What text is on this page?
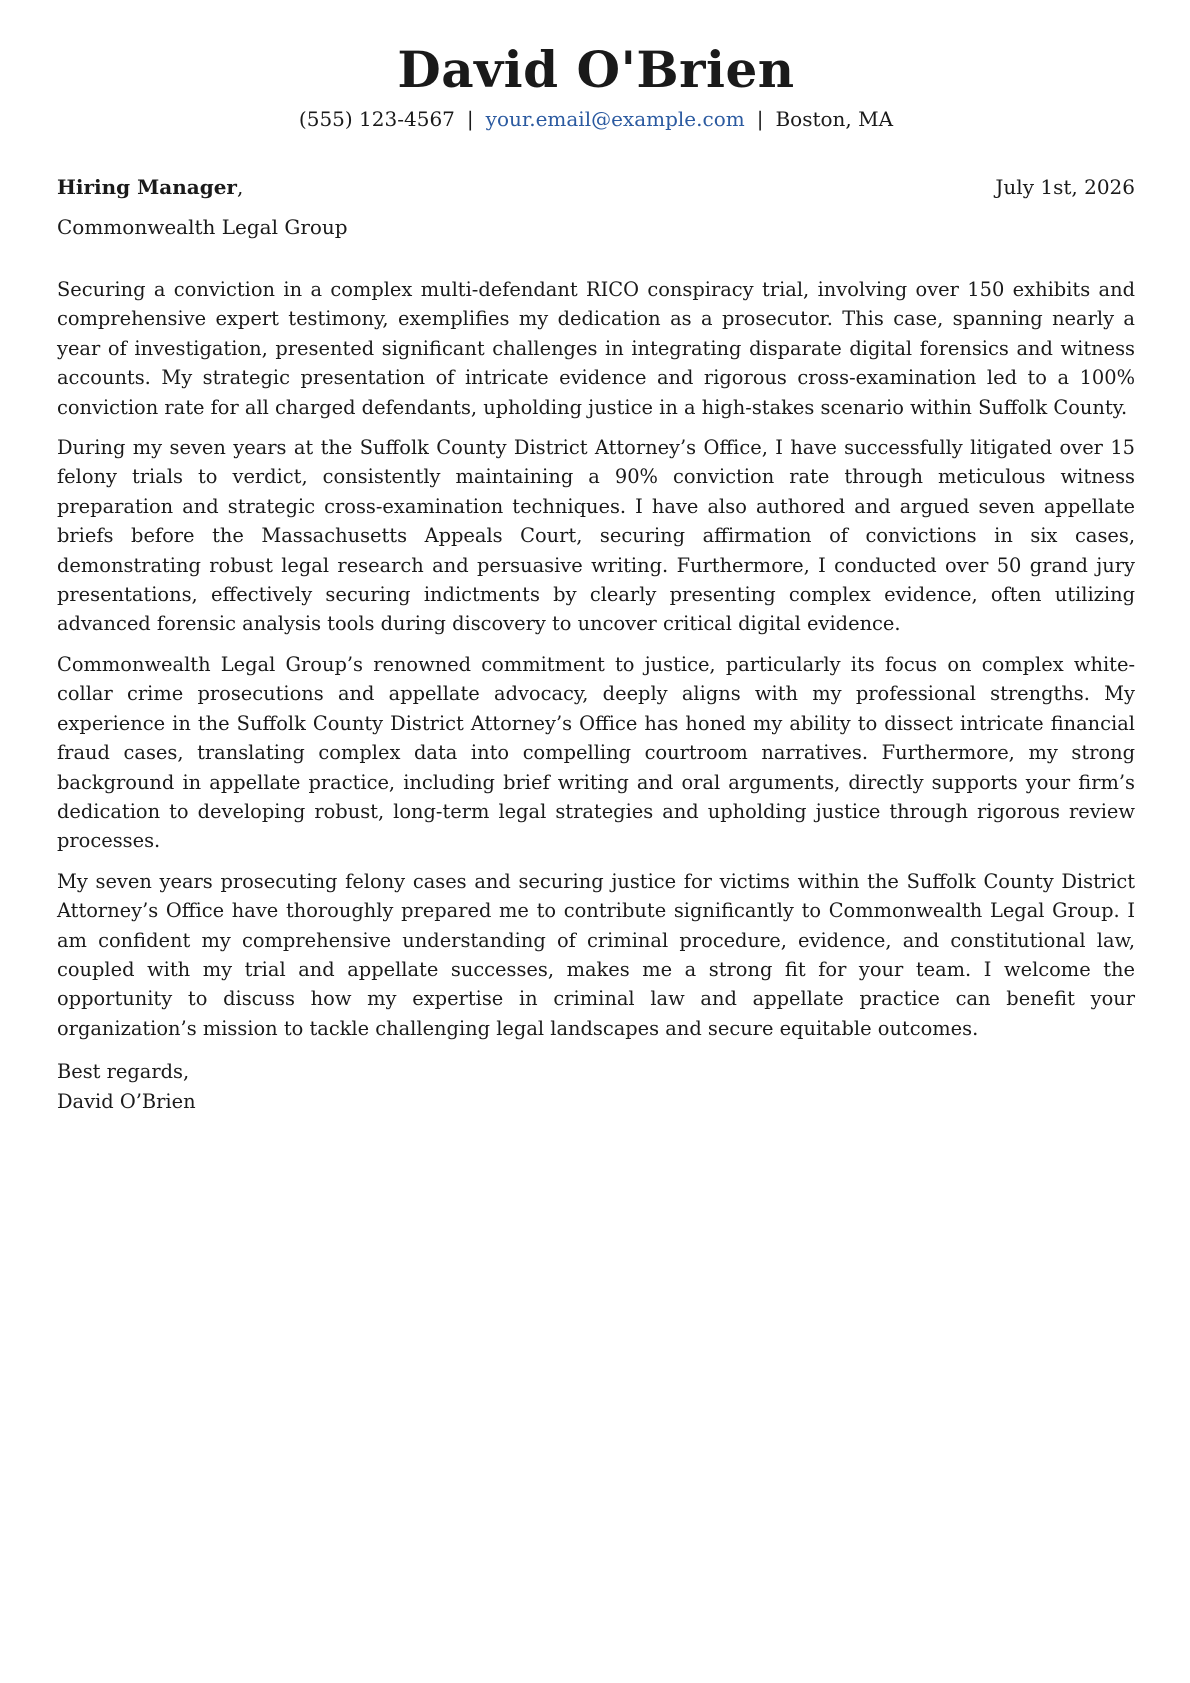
David O'Brien
(555) 123-4567 | your.email@example.com | Boston, MA
Hiring Manager,	July 1st, 2026
Commonwealth Legal Group

Securing a conviction in a complex multi-defendant RICO conspiracy trial, involving over 150 exhibits and comprehensive expert testimony, exemplifies my dedication as a prosecutor. This case, spanning nearly a year of investigation, presented significant challenges in integrating disparate digital forensics and witness accounts. My strategic presentation of intricate evidence and rigorous cross-examination led to a 100% conviction rate for all charged defendants, upholding justice in a high-stakes scenario within Suffolk County.

During my seven years at the Suffolk County District Attorney’s Office, I have successfully litigated over 15 felony trials to verdict, consistently maintaining a 90% conviction rate through meticulous witness preparation and strategic cross-examination techniques. I have also authored and argued seven appellate briefs before the Massachusetts Appeals Court, securing affirmation of convictions in six cases, demonstrating robust legal research and persuasive writing. Furthermore, I conducted over 50 grand jury presentations, effectively securing indictments by clearly presenting complex evidence, often utilizing advanced forensic analysis tools during discovery to uncover critical digital evidence.

Commonwealth Legal Group’s renowned commitment to justice, particularly its focus on complex white-collar crime prosecutions and appellate advocacy, deeply aligns with my professional strengths. My experience in the Suffolk County District Attorney’s Office has honed my ability to dissect intricate financial fraud cases, translating complex data into compelling courtroom narratives. Furthermore, my strong background in appellate practice, including brief writing and oral arguments, directly supports your firm’s dedication to developing robust, long-term legal strategies and upholding justice through rigorous review processes.

My seven years prosecuting felony cases and securing justice for victims within the Suffolk County District Attorney’s Office have thoroughly prepared me to contribute significantly to Commonwealth Legal Group. I am confident my comprehensive understanding of criminal procedure, evidence, and constitutional law, coupled with my trial and appellate successes, makes me a strong fit for your team. I welcome the opportunity to discuss how my expertise in criminal law and appellate practice can benefit your organization’s mission to tackle challenging legal landscapes and secure equitable outcomes.

Best regards,
David O’Brien
